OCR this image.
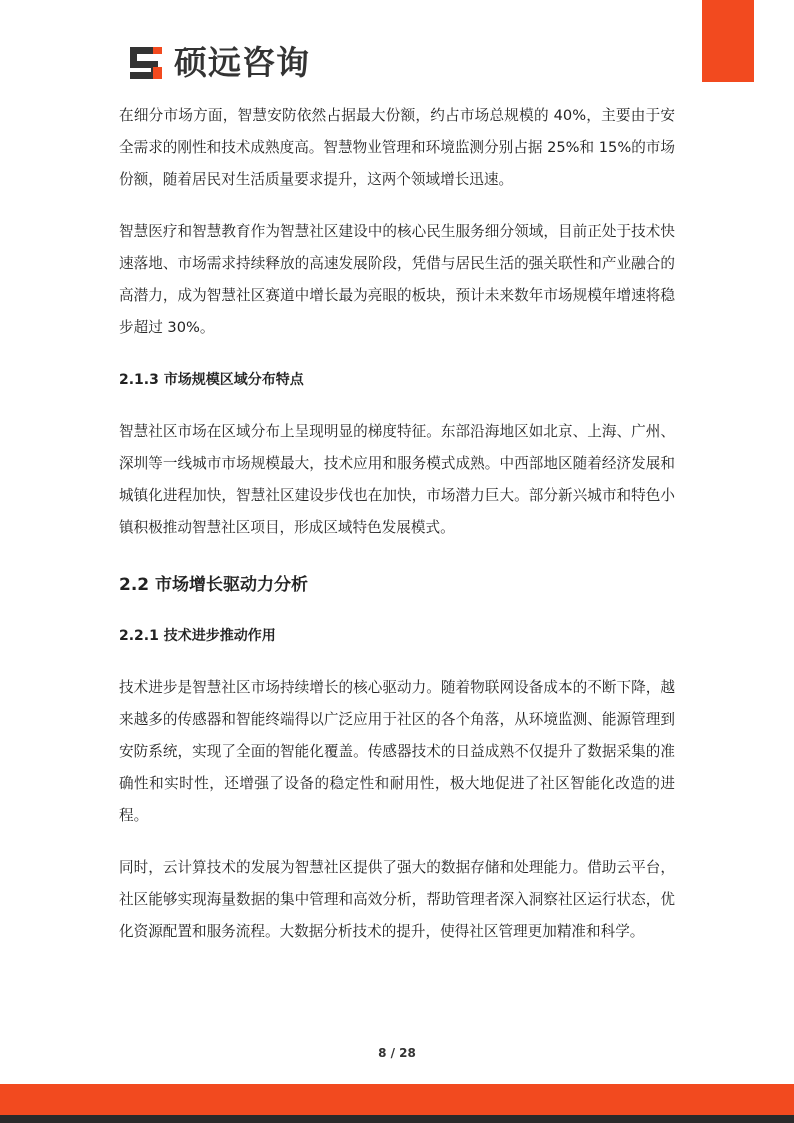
硕远咨询

在细分市场方面，智慧安防依然占据最大份额，约占市场总规模的 40%，主要由于安全需求的刚性和技术成熟度高。智慧物业管理和环境监测分别占据 25%和 15%的市场份额，随着居民对生活质量要求提升，这两个领域增长迅速。

智慧医疗和智慧教育作为智慧社区建设中的核心民生服务细分领域，目前正处于技术快速落地、市场需求持续释放的高速发展阶段，凭借与居民生活的强关联性和产业融合的高潜力，成为智慧社区赛道中增长最为亮眼的板块，预计未来数年市场规模年增速将稳步超过 30%。

2.1.3 市场规模区域分布特点

智慧社区市场在区域分布上呈现明显的梯度特征。东部沿海地区如北京、上海、广州、深圳等一线城市市场规模最大，技术应用和服务模式成熟。中西部地区随着经济发展和城镇化进程加快，智慧社区建设步伐也在加快，市场潜力巨大。部分新兴城市和特色小镇积极推动智慧社区项目，形成区域特色发展模式。

2.2 市场增长驱动力分析

2.2.1 技术进步推动作用

技术进步是智慧社区市场持续增长的核心驱动力。随着物联网设备成本的不断下降，越来越多的传感器和智能终端得以广泛应用于社区的各个角落，从环境监测、能源管理到安防系统，实现了全面的智能化覆盖。传感器技术的日益成熟不仅提升了数据采集的准确性和实时性，还增强了设备的稳定性和耐用性，极大地促进了社区智能化改造的进程。

同时，云计算技术的发展为智慧社区提供了强大的数据存储和处理能力。借助云平台，社区能够实现海量数据的集中管理和高效分析，帮助管理者深入洞察社区运行状态，优化资源配置和服务流程。大数据分析技术的提升，使得社区管理更加精准和科学。

8 / 28
